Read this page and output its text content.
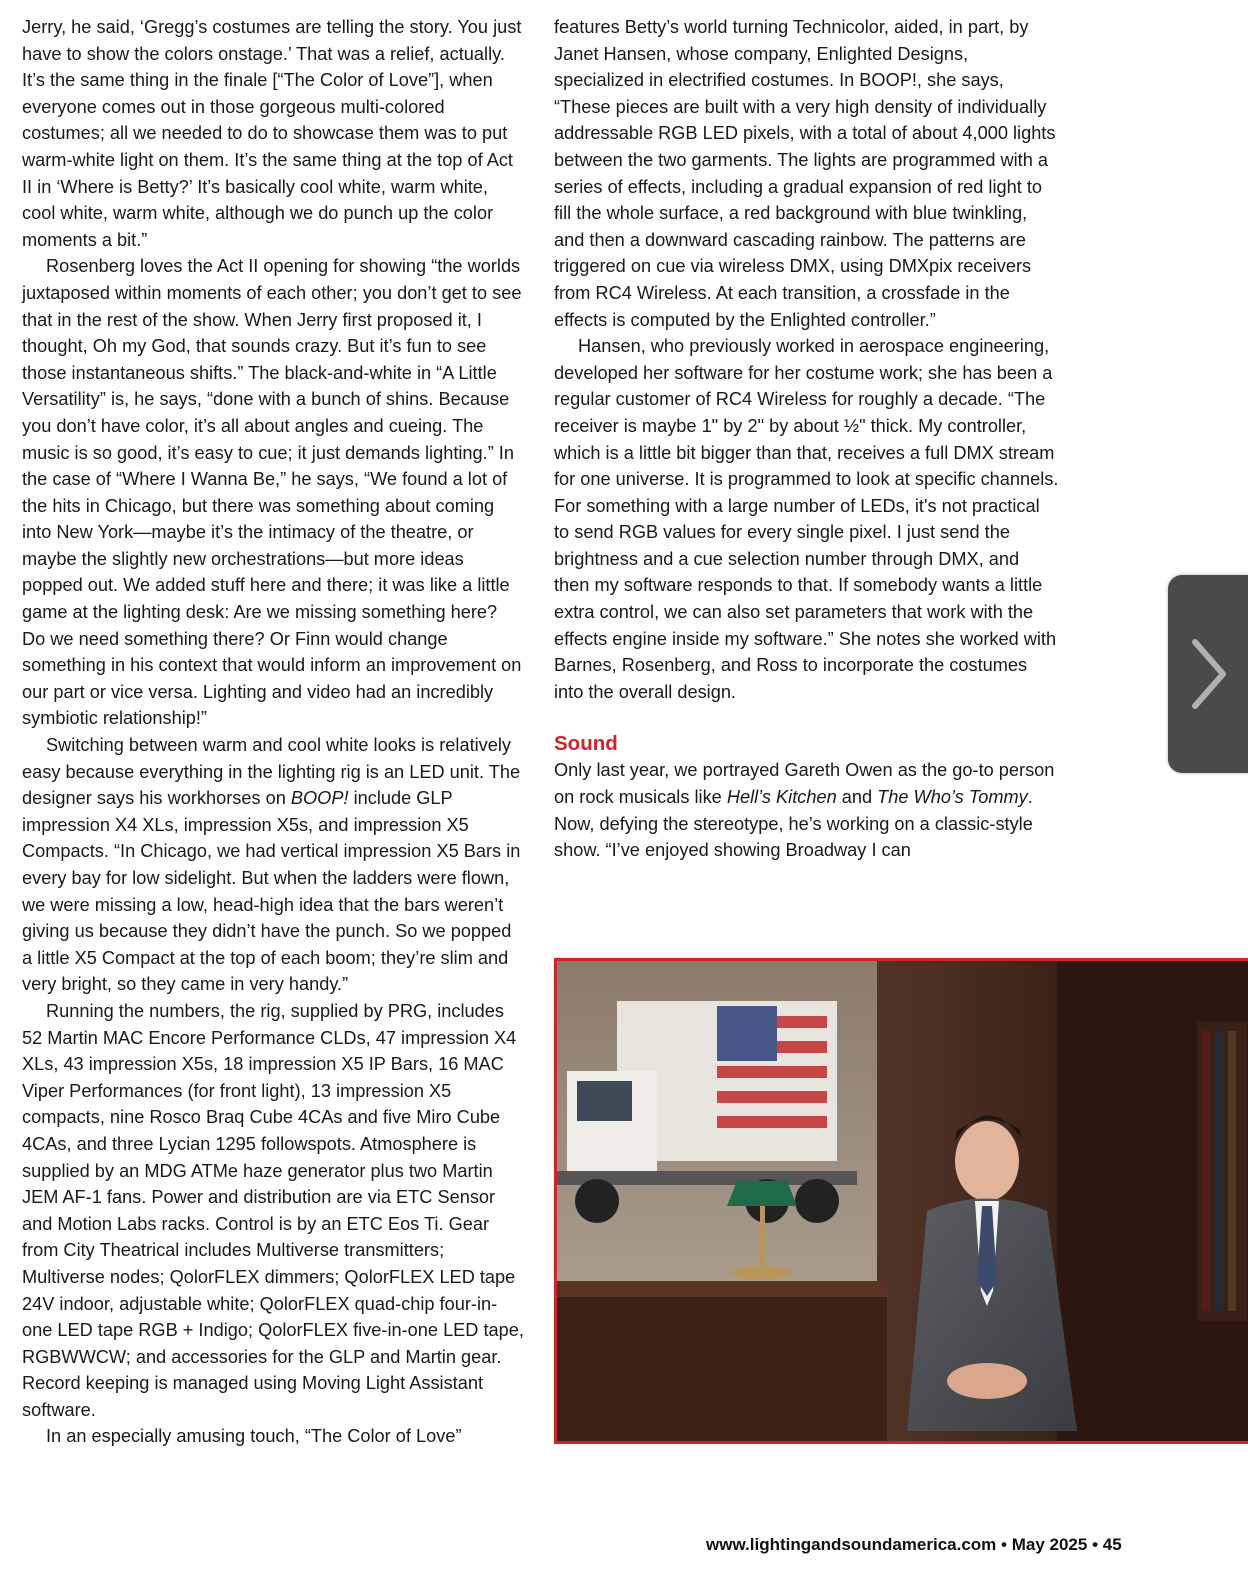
Jerry, he said, ‘Gregg’s costumes are telling the story. You just have to show the colors onstage.’ That was a relief, actually. It’s the same thing in the finale [“The Color of Love”], when everyone comes out in those gorgeous multi-colored costumes; all we needed to do to showcase them was to put warm-white light on them. It’s the same thing at the top of Act II in ‘Where is Betty?’ It’s basically cool white, warm white, cool white, warm white, although we do punch up the color moments a bit.”

Rosenberg loves the Act II opening for showing “the worlds juxtaposed within moments of each other; you don’t get to see that in the rest of the show. When Jerry first proposed it, I thought, Oh my God, that sounds crazy. But it’s fun to see those instantaneous shifts.” The black-and-white in “A Little Versatility” is, he says, “done with a bunch of shins. Because you don’t have color, it’s all about angles and cueing. The music is so good, it’s easy to cue; it just demands lighting.” In the case of “Where I Wanna Be,” he says, “We found a lot of the hits in Chicago, but there was something about coming into New York—maybe it’s the intimacy of the theatre, or maybe the slightly new orchestrations—but more ideas popped out. We added stuff here and there; it was like a little game at the lighting desk: Are we missing something here? Do we need something there? Or Finn would change something in his context that would inform an improvement on our part or vice versa. Lighting and video had an incredibly symbiotic relationship!”

Switching between warm and cool white looks is relatively easy because everything in the lighting rig is an LED unit. The designer says his workhorses on BOOP! include GLP impression X4 XLs, impression X5s, and impression X5 Compacts. “In Chicago, we had vertical impression X5 Bars in every bay for low sidelight. But when the ladders were flown, we were missing a low, head-high idea that the bars weren’t giving us because they didn’t have the punch. So we popped a little X5 Compact at the top of each boom; they’re slim and very bright, so they came in very handy.”

Running the numbers, the rig, supplied by PRG, includes 52 Martin MAC Encore Performance CLDs, 47 impression X4 XLs, 43 impression X5s, 18 impression X5 IP Bars, 16 MAC Viper Performances (for front light), 13 impression X5 compacts, nine Rosco Braq Cube 4CAs and five Miro Cube 4CAs, and three Lycian 1295 followspots. Atmosphere is supplied by an MDG ATMe haze generator plus two Martin JEM AF-1 fans. Power and distribution are via ETC Sensor and Motion Labs racks. Control is by an ETC Eos Ti. Gear from City Theatrical includes Multiverse transmitters; Multiverse nodes; QolorFLEX dimmers; QolorFLEX LED tape 24V indoor, adjustable white; QolorFLEX quad-chip four-in-one LED tape RGB + Indigo; QolorFLEX five-in-one LED tape, RGBWWCW; and accessories for the GLP and Martin gear. Record keeping is managed using Moving Light Assistant software.

In an especially amusing touch, “The Color of Love”

features Betty’s world turning Technicolor, aided, in part, by Janet Hansen, whose company, Enlighted Designs, specialized in electrified costumes. In BOOP!, she says, “These pieces are built with a very high density of individually addressable RGB LED pixels, with a total of about 4,000 lights between the two garments. The lights are programmed with a series of effects, including a gradual expansion of red light to fill the whole surface, a red background with blue twinkling, and then a downward cascading rainbow. The patterns are triggered on cue via wireless DMX, using DMXpix receivers from RC4 Wireless. At each transition, a crossfade in the effects is computed by the Enlighted controller.”

Hansen, who previously worked in aerospace engineering, developed her software for her costume work; she has been a regular customer of RC4 Wireless for roughly a decade. “The receiver is maybe 1" by 2" by about ½" thick. My controller, which is a little bit bigger than that, receives a full DMX stream for one universe. It is programmed to look at specific channels. For something with a large number of LEDs, it's not practical to send RGB values for every single pixel. I just send the brightness and a cue selection number through DMX, and then my software responds to that. If somebody wants a little extra control, we can also set parameters that work with the effects engine inside my software.” She notes she worked with Barnes, Rosenberg, and Ross to incorporate the costumes into the overall design.

Sound

Only last year, we portrayed Gareth Owen as the go-to person on rock musicals like Hell’s Kitchen and The Who’s Tommy. Now, defying the stereotype, he’s working on a classic-style show. “I’ve enjoyed showing Broadway I can

www.lightingandsoundamerica.com • May 2025 • 45
